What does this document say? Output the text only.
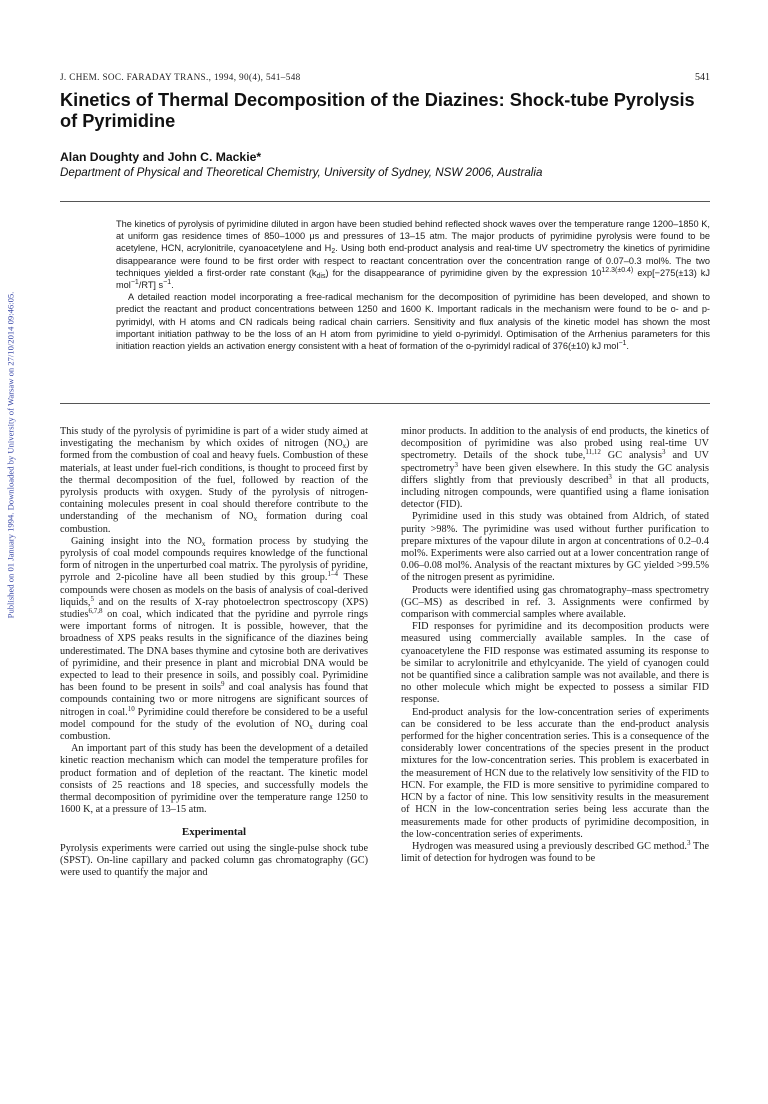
Published on 01 January 1994. Downloaded by University of Warsaw on 27/10/2014 09:46:05.
J. CHEM. SOC. FARADAY TRANS., 1994, 90(4), 541–548	541
Kinetics of Thermal Decomposition of the Diazines: Shock-tube Pyrolysis of Pyrimidine
Alan Doughty and John C. Mackie*
Department of Physical and Theoretical Chemistry, University of Sydney, NSW 2006, Australia

The kinetics of pyrolysis of pyrimidine diluted in argon have been studied behind reflected shock waves over the temperature range 1200–1850 K, at uniform gas residence times of 850–1000 μs and pressures of 13–15 atm. The major products of pyrimidine pyrolysis were found to be acetylene, HCN, acrylonitrile, cyanoacetylene and $H_2$. Using both end-product analysis and real-time UV spectrometry the kinetics of pyrimidine disappearance were found to be first order with respect to reactant concentration over the concentration range of 0.07–0.3 mol%. The two techniques yielded a first-order rate constant $(k_{dis})$ for the disappearance of pyrimidine given by the expression $10^{12.3(\pm 0.4)}$ exp[−275(±13) kJ mol$^{-1}$/RT] $s^{-1}$.

A detailed reaction model incorporating a free-radical mechanism for the decomposition of pyrimidine has been developed, and shown to predict the reactant and product concentrations between 1250 and 1600 K. Important radicals in the mechanism were found to be o- and p-pyrimidyl, with H atoms and CN radicals being radical chain carriers. Sensitivity and flux analysis of the kinetic model has shown the most important initiation pathway to be the loss of an H atom from pyrimidine to yield o-pyrimidyl. Optimisation of the Arrhenius parameters for this initiation reaction yields an activation energy consistent with a heat of formation of the o-pyrimidyl radical of 376(±10) kJ mol$^{-1}$.

This study of the pyrolysis of pyrimidine is part of a wider study aimed at investigating the mechanism by which oxides of nitrogen $(NO_x)$ are formed from the combustion of coal and heavy fuels. Combustion of these materials, at least under fuel-rich conditions, is thought to proceed first by the thermal decomposition of the fuel, followed by reaction of the pyrolysis products with oxygen. Study of the pyrolysis of nitrogen-containing molecules present in coal should therefore contribute to the understanding of the mechanism of $NO_x$ formation during coal combustion.

Gaining insight into the $NO_x$ formation process by studying the pyrolysis of coal model compounds requires knowledge of the functional form of nitrogen in the unperturbed coal matrix. The pyrolysis of pyridine, pyrrole and 2-picoline have all been studied by this group.$^{1-4}$ These compounds were chosen as models on the basis of analysis of coal-derived liquids,$^5$ and on the results of X-ray photoelectron spectroscopy (XPS) studies$^{6,7,8}$ on coal, which indicated that the pyridine and pyrrole rings were important forms of nitrogen. It is possible, however, that the broadness of XPS peaks results in the significance of the diazines being underestimated. The DNA bases thymine and cytosine both are derivatives of pyrimidine, and their presence in plant and microbial DNA would be expected to lead to their presence in soils, and possibly coal. Pyrimidine has been found to be present in soils$^9$ and coal analysis has found that compounds containing two or more nitrogens are significant sources of nitrogen in coal.$^{10}$ Pyrimidine could therefore be considered to be a useful model compound for the study of the evolution of $NO_x$ during coal combustion.

An important part of this study has been the development of a detailed kinetic reaction mechanism which can model the temperature profiles for product formation and of depletion of the reactant. The kinetic model consists of 25 reactions and 18 species, and successfully models the thermal decomposition of pyrimidine over the temperature range 1250 to 1600 K, at a pressure of 13–15 atm.

Experimental

Pyrolysis experiments were carried out using the single-pulse shock tube (SPST). On-line capillary and packed column gas chromatography (GC) were used to quantify the major and

minor products. In addition to the analysis of end products, the kinetics of decomposition of pyrimidine was also probed using real-time UV spectrometry. Details of the shock tube,$^{11,12}$ GC analysis$^3$ and UV spectrometry$^3$ have been given elsewhere. In this study the GC analysis differs slightly from that previously described$^3$ in that all products, including nitrogen compounds, were quantified using a flame ionisation detector (FID).

Pyrimidine used in this study was obtained from Aldrich, of stated purity >98%. The pyrimidine was used without further purification to prepare mixtures of the vapour dilute in argon at concentrations of 0.2–0.4 mol%. Experiments were also carried out at a lower concentration range of 0.06–0.08 mol%. Analysis of the reactant mixtures by GC yielded >99.5% of the nitrogen present as pyrimidine.

Products were identified using gas chromatography–mass spectrometry (GC–MS) as described in ref. 3. Assignments were confirmed by comparison with commercial samples where available.

FID responses for pyrimidine and its decomposition products were measured using commercially available samples. In the case of cyanoacetylene the FID response was estimated assuming its response to be similar to acrylonitrile and ethylcyanide. The yield of cyanogen could not be quantified since a calibration sample was not available, and there is no other molecule which might be expected to possess a similar FID response.

End-product analysis for the low-concentration series of experiments can be considered to be less accurate than the end-product analysis performed for the higher concentration series. This is a consequence of the considerably lower concentrations of the species present in the product mixtures for the low-concentration series. This problem is exacerbated in the measurement of HCN due to the relatively low sensitivity of the FID to HCN. For example, the FID is more sensitive to pyrimidine compared to HCN by a factor of nine. This low sensitivity results in the measurement of HCN in the low-concentration series being less accurate than the measurements made for other products of pyrimidine decomposition, in the low-concentration series of experiments.

Hydrogen was measured using a previously described GC method.$^3$ The limit of detection for hydrogen was found to be
